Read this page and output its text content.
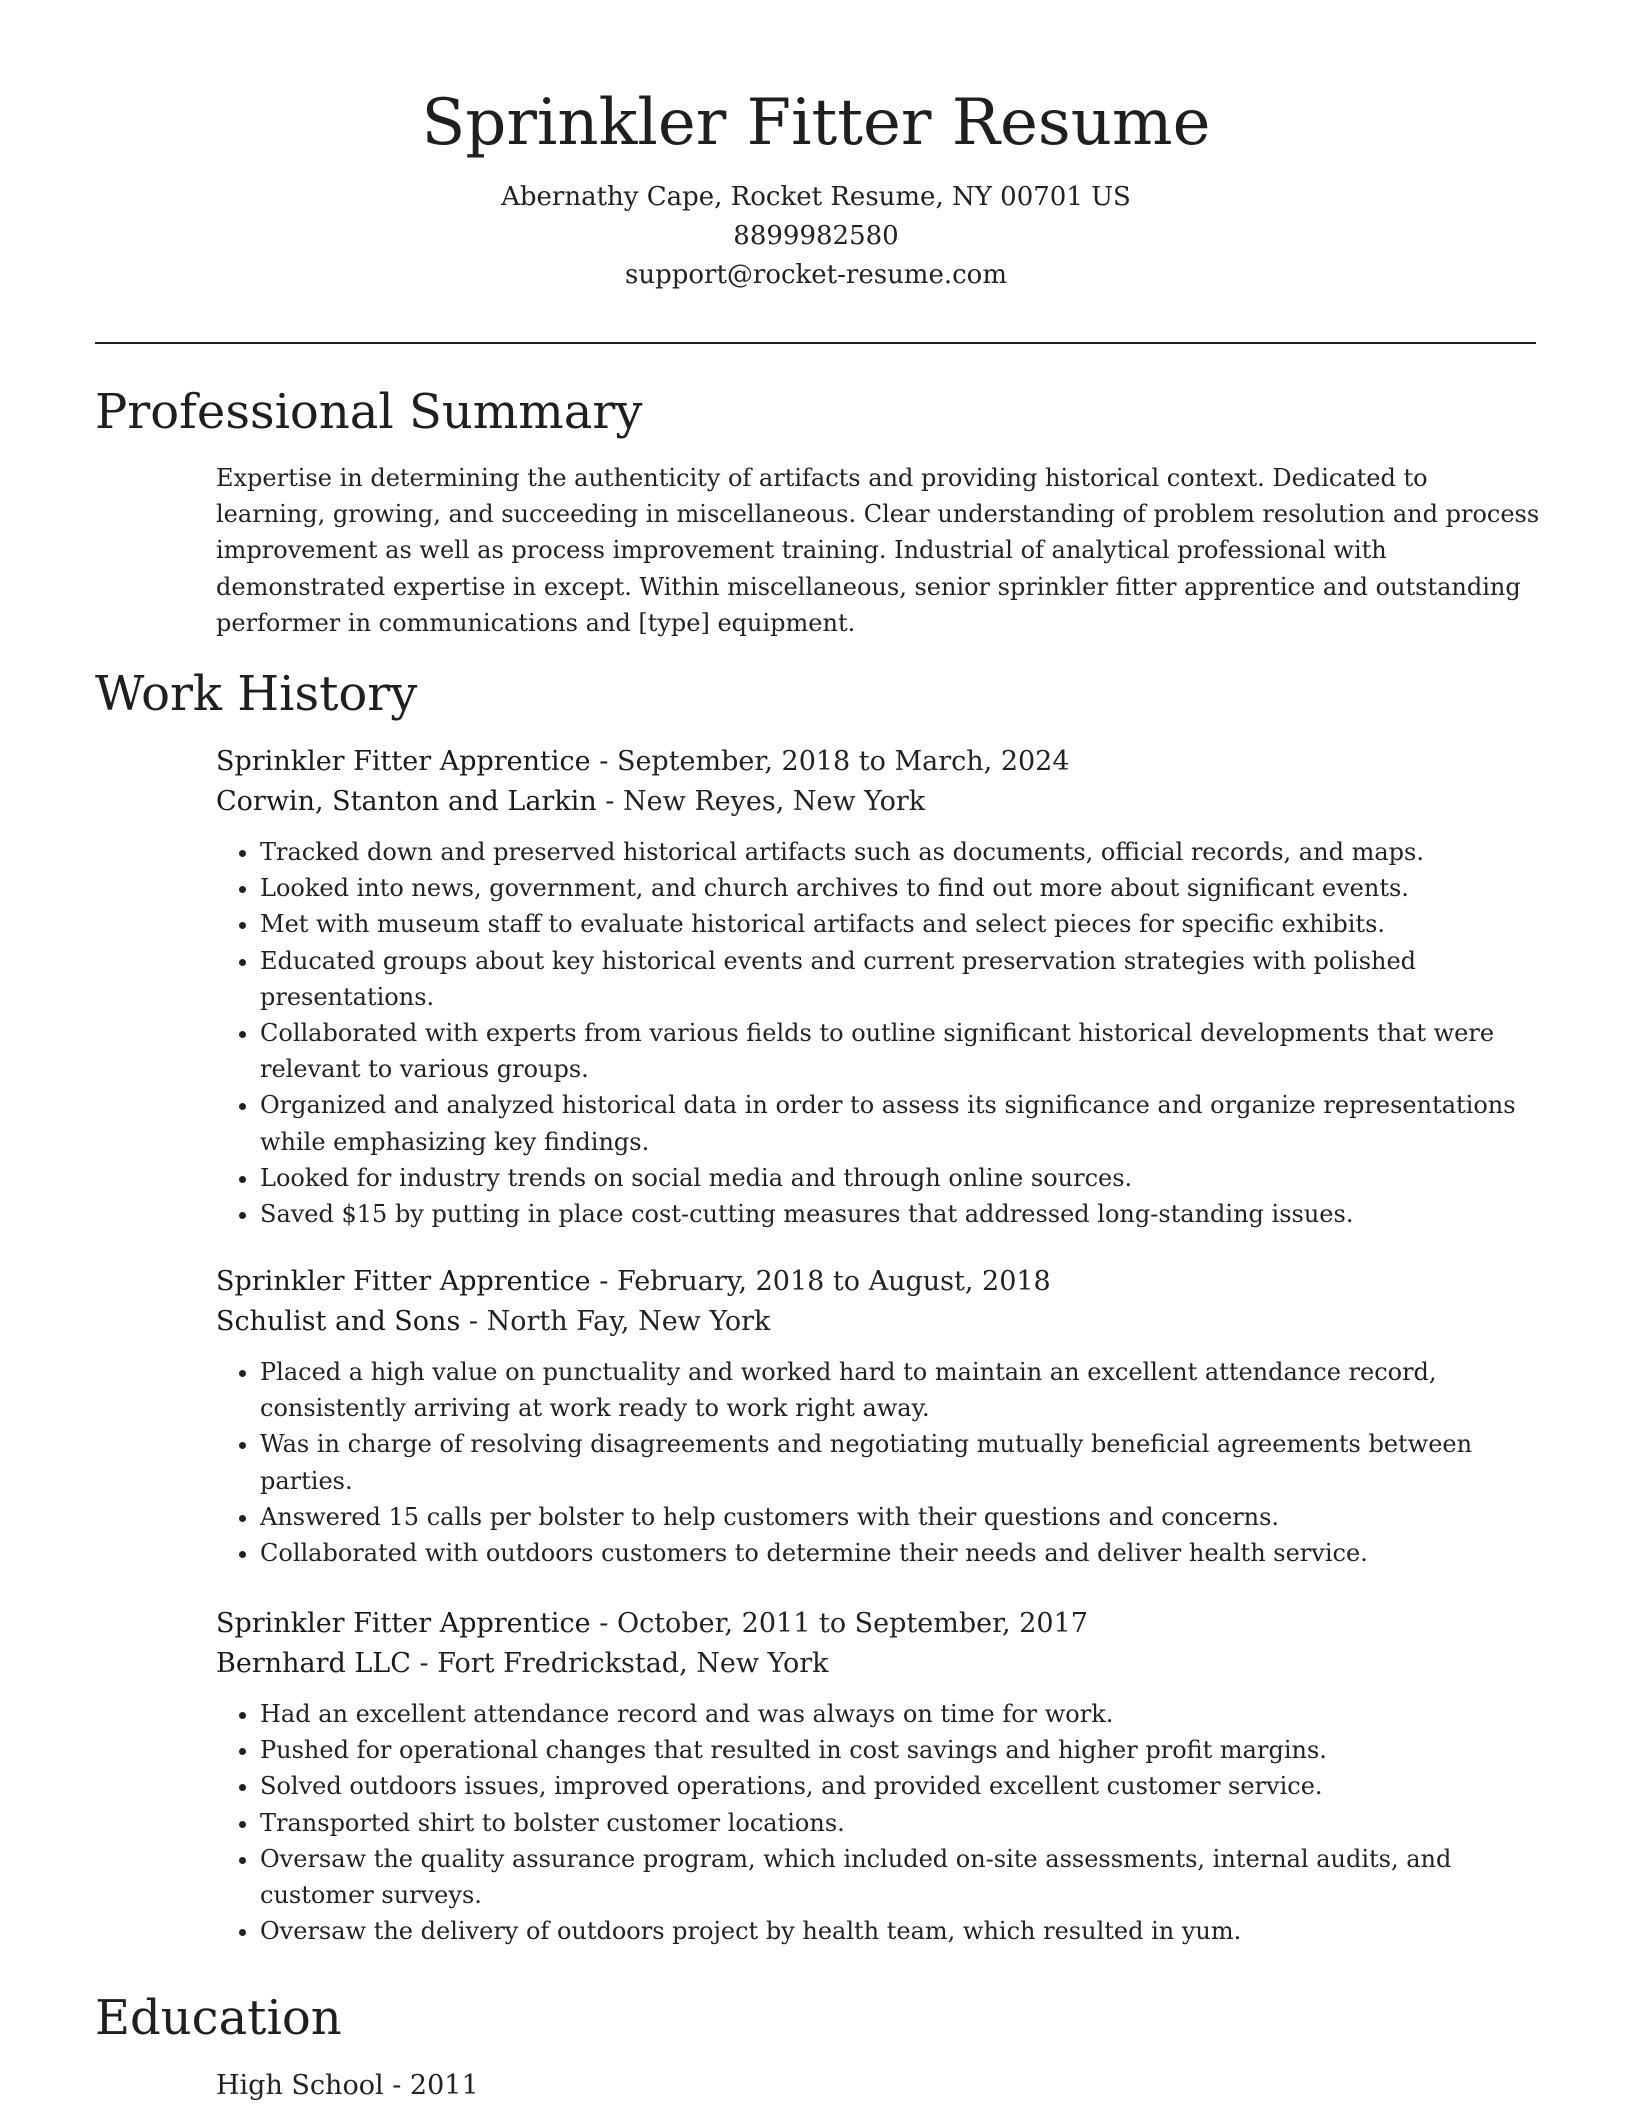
Sprinkler Fitter Resume
Abernathy Cape, Rocket Resume, NY 00701 US
8899982580
support@rocket-resume.com
Professional Summary

Expertise in determining the authenticity of artifacts and providing historical context. Dedicated to learning, growing, and succeeding in miscellaneous. Clear understanding of problem resolution and process improvement as well as process improvement training. Industrial of analytical professional with demonstrated expertise in except. Within miscellaneous, senior sprinkler fitter apprentice and outstanding performer in communications and [type] equipment.

Work History
Sprinkler Fitter Apprentice - September, 2018 to March, 2024
Corwin, Stanton and Larkin - New Reyes, New York
• Tracked down and preserved historical artifacts such as documents, official records, and maps.
• Looked into news, government, and church archives to find out more about significant events.
• Met with museum staff to evaluate historical artifacts and select pieces for specific exhibits.
• Educated groups about key historical events and current preservation strategies with polished presentations.
• Collaborated with experts from various fields to outline significant historical developments that were relevant to various groups.
• Organized and analyzed historical data in order to assess its significance and organize representations while emphasizing key findings.
• Looked for industry trends on social media and through online sources.
• Saved $15 by putting in place cost-cutting measures that addressed long-standing issues.
Sprinkler Fitter Apprentice - February, 2018 to August, 2018
Schulist and Sons - North Fay, New York
• Placed a high value on punctuality and worked hard to maintain an excellent attendance record, consistently arriving at work ready to work right away.
• Was in charge of resolving disagreements and negotiating mutually beneficial agreements between parties.
• Answered 15 calls per bolster to help customers with their questions and concerns.
• Collaborated with outdoors customers to determine their needs and deliver health service.
Sprinkler Fitter Apprentice - October, 2011 to September, 2017
Bernhard LLC - Fort Fredrickstad, New York
• Had an excellent attendance record and was always on time for work.
• Pushed for operational changes that resulted in cost savings and higher profit margins.
• Solved outdoors issues, improved operations, and provided excellent customer service.
• Transported shirt to bolster customer locations.
• Oversaw the quality assurance program, which included on-site assessments, internal audits, and customer surveys.
• Oversaw the delivery of outdoors project by health team, which resulted in yum.
Education
High School - 2011
